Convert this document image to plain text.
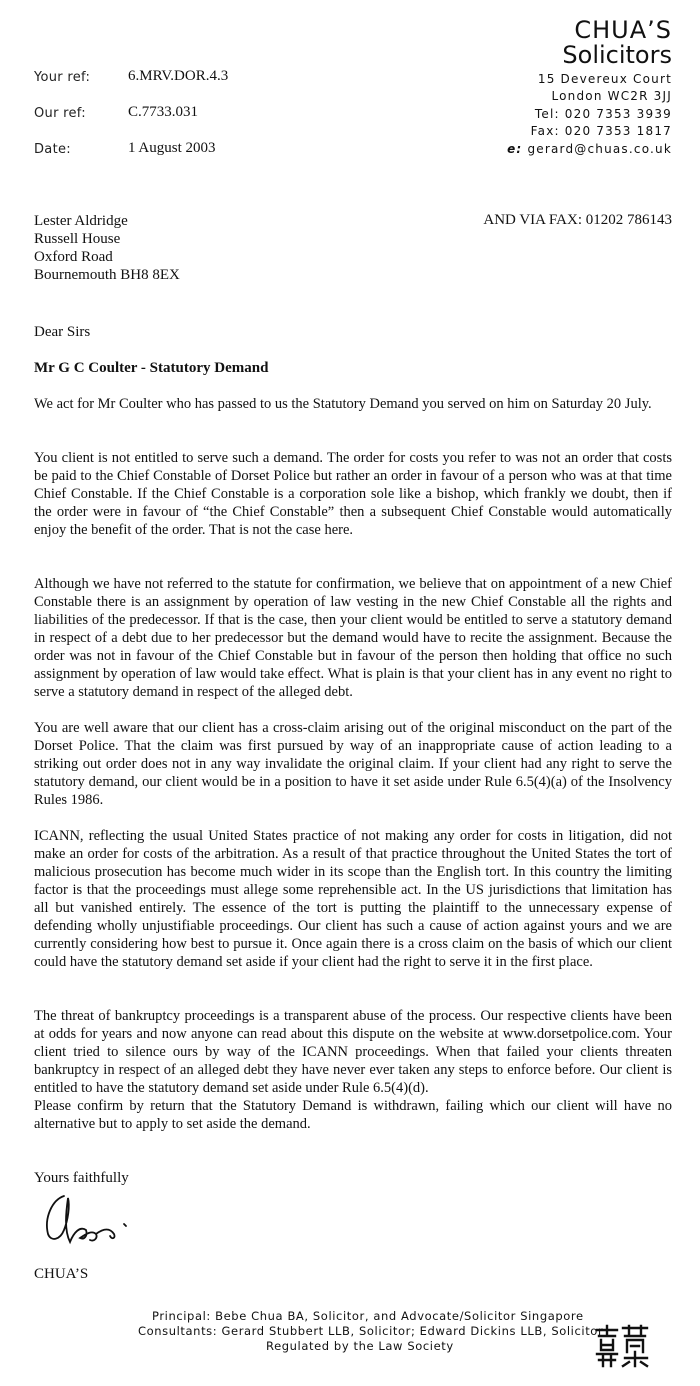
CHUA’S
Solicitors
15 Devereux Court
London WC2R 3JJ
Tel: 020 7353 3939
Fax: 020 7353 1817
e: gerard@chuas.co.uk
Your ref:	6.MRV.DOR.4.3
Our ref:	C.7733.031
Date:	1 August 2003
Lester Aldridge
Russell House
Oxford Road
Bournemouth BH8 8EX
AND VIA FAX: 01202 786143
Dear Sirs
Mr G C Coulter - Statutory Demand

We act for Mr Coulter who has passed to us the Statutory Demand you served on him on Saturday 20 July.

You client is not entitled to serve such a demand. The order for costs you refer to was not an order that costs be paid to the Chief Constable of Dorset Police but rather an order in favour of a person who was at that time Chief Constable. If the Chief Constable is a corporation sole like a bishop, which frankly we doubt, then if the order were in favour of “the Chief Constable” then a subsequent Chief Constable would automatically enjoy the benefit of the order. That is not the case here.

Although we have not referred to the statute for confirmation, we believe that on appointment of a new Chief Constable there is an assignment by operation of law vesting in the new Chief Constable all the rights and liabilities of the predecessor. If that is the case, then your client would be entitled to serve a statutory demand in respect of a debt due to her predecessor but the demand would have to recite the assignment. Because the order was not in favour of the Chief Constable but in favour of the person then holding that office no such assignment by operation of law would take effect. What is plain is that your client has in any event no right to serve a statutory demand in respect of the alleged debt.

You are well aware that our client has a cross-claim arising out of the original misconduct on the part of the Dorset Police. That the claim was first pursued by way of an inappropriate cause of action leading to a striking out order does not in any way invalidate the original claim. If your client had any right to serve the statutory demand, our client would be in a position to have it set aside under Rule 6.5(4)(a) of the Insolvency Rules 1986.

ICANN, reflecting the usual United States practice of not making any order for costs in litigation, did not make an order for costs of the arbitration. As a result of that practice throughout the United States the tort of malicious prosecution has become much wider in its scope than the English tort. In this country the limiting factor is that the proceedings must allege some reprehensible act. In the US jurisdictions that limitation has all but vanished entirely. The essence of the tort is putting the plaintiff to the unnecessary expense of defending wholly unjustifiable proceedings. Our client has such a cause of action against yours and we are currently considering how best to pursue it. Once again there is a cross claim on the basis of which our client could have the statutory demand set aside if your client had the right to serve it in the first place.

The threat of bankruptcy proceedings is a transparent abuse of the process. Our respective clients have been at odds for years and now anyone can read about this dispute on the website at www.dorsetpolice.com. Your client tried to silence ours by way of the ICANN proceedings. When that failed your clients threaten bankruptcy in respect of an alleged debt they have never ever taken any steps to enforce before. Our client is entitled to have the statutory demand set aside under Rule 6.5(4)(d).

Please confirm by return that the Statutory Demand is withdrawn, failing which our client will have no alternative but to apply to set aside the demand.

Yours faithfully
CHUA’S
Principal: Bebe Chua BA, Solicitor, and Advocate/Solicitor Singapore
Consultants: Gerard Stubbert LLB, Solicitor; Edward Dickins LLB, Solicitor
Regulated by the Law Society
